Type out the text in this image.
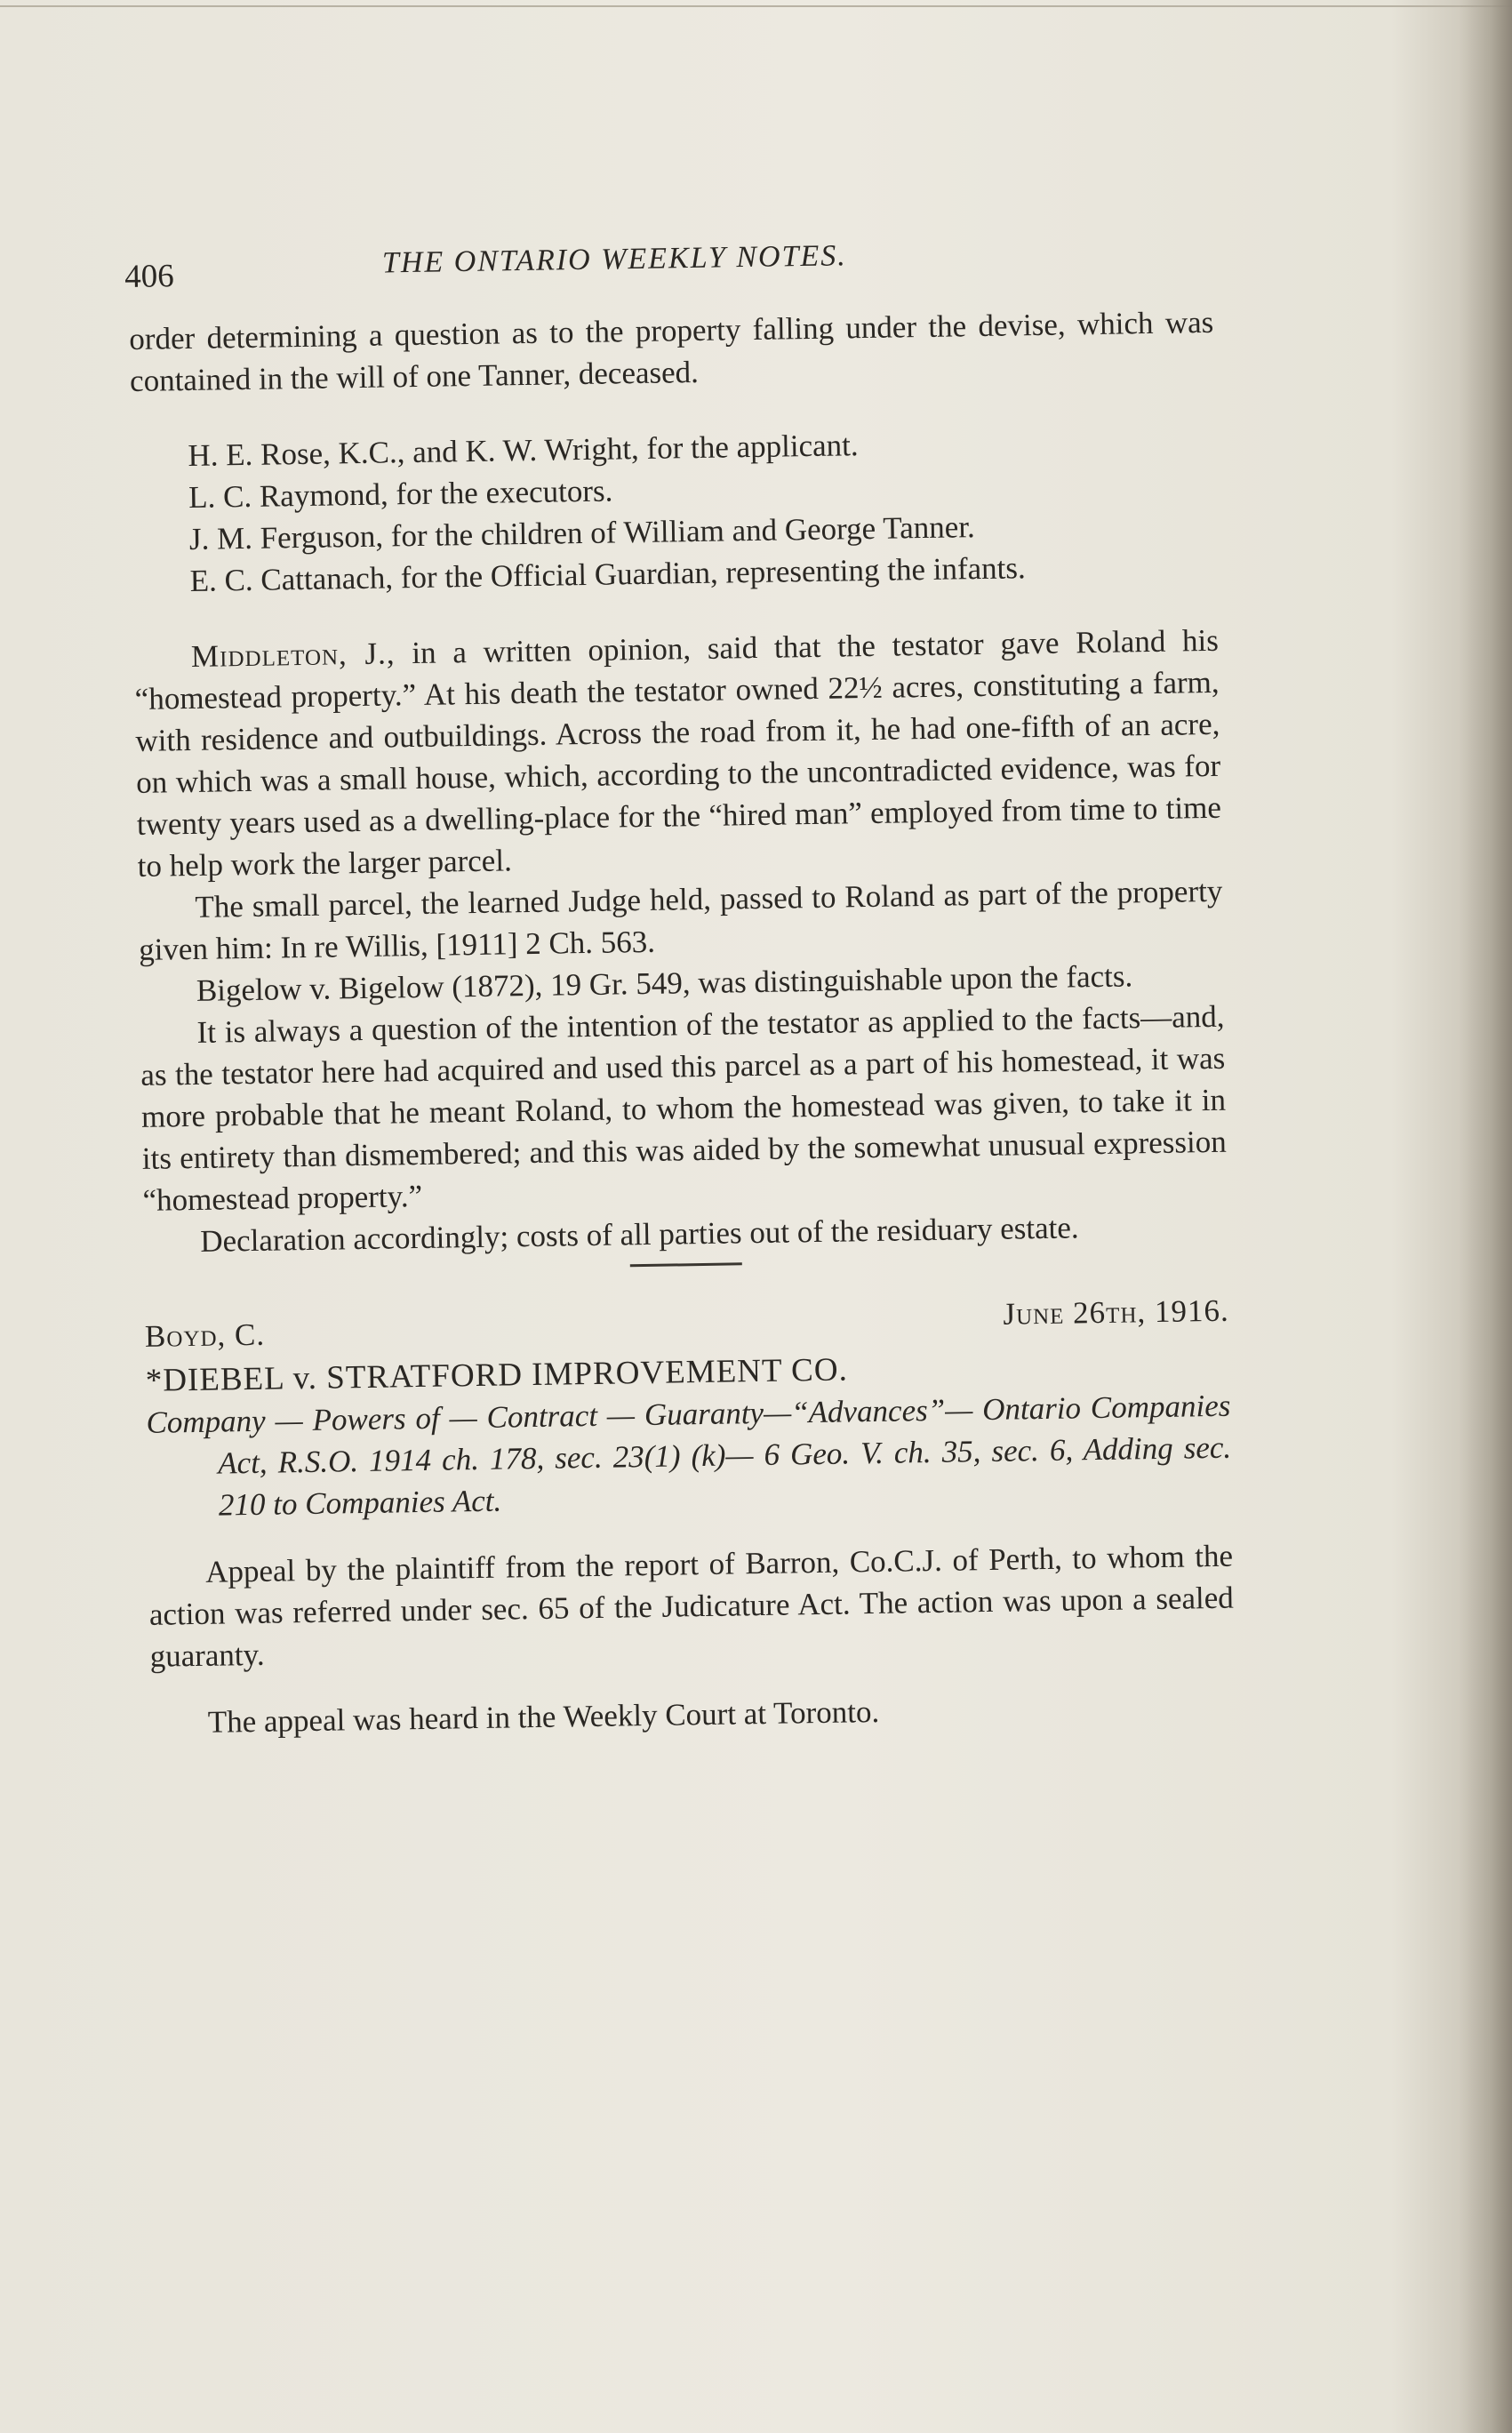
406	THE ONTARIO WEEKLY NOTES.

order determining a question as to the property falling under the devise, which was contained in the will of one Tanner, deceased.

H. E. Rose, K.C., and K. W. Wright, for the applicant.

L. C. Raymond, for the executors.

J. M. Ferguson, for the children of William and George Tanner.

E. C. Cattanach, for the Official Guardian, representing the infants.

Middleton, J., in a written opinion, said that the testator gave Roland his “homestead property.” At his death the testator owned 22½ acres, constituting a farm, with residence and outbuildings. Across the road from it, he had one-fifth of an acre, on which was a small house, which, according to the uncontradicted evidence, was for twenty years used as a dwelling-place for the “hired man” employed from time to time to help work the larger parcel.

The small parcel, the learned Judge held, passed to Roland as part of the property given him: In re Willis, [1911] 2 Ch. 563.

Bigelow v. Bigelow (1872), 19 Gr. 549, was distinguishable upon the facts.

It is always a question of the intention of the testator as applied to the facts—and, as the testator here had acquired and used this parcel as a part of his homestead, it was more probable that he meant Roland, to whom the homestead was given, to take it in its entirety than dismembered; and this was aided by the somewhat unusual expression “homestead property.”

Declaration accordingly; costs of all parties out of the residuary estate.

Boyd, C.
June 26th, 1916.

*DIEBEL v. STRATFORD IMPROVEMENT CO.

Company — Powers of — Contract — Guaranty—“Advances”— Ontario Companies Act, R.S.O. 1914 ch. 178, sec. 23(1) (k)— 6 Geo. V. ch. 35, sec. 6, Adding sec. 210 to Companies Act.

Appeal by the plaintiff from the report of Barron, Co.C.J. of Perth, to whom the action was referred under sec. 65 of the Judicature Act. The action was upon a sealed guaranty.

The appeal was heard in the Weekly Court at Toronto.
